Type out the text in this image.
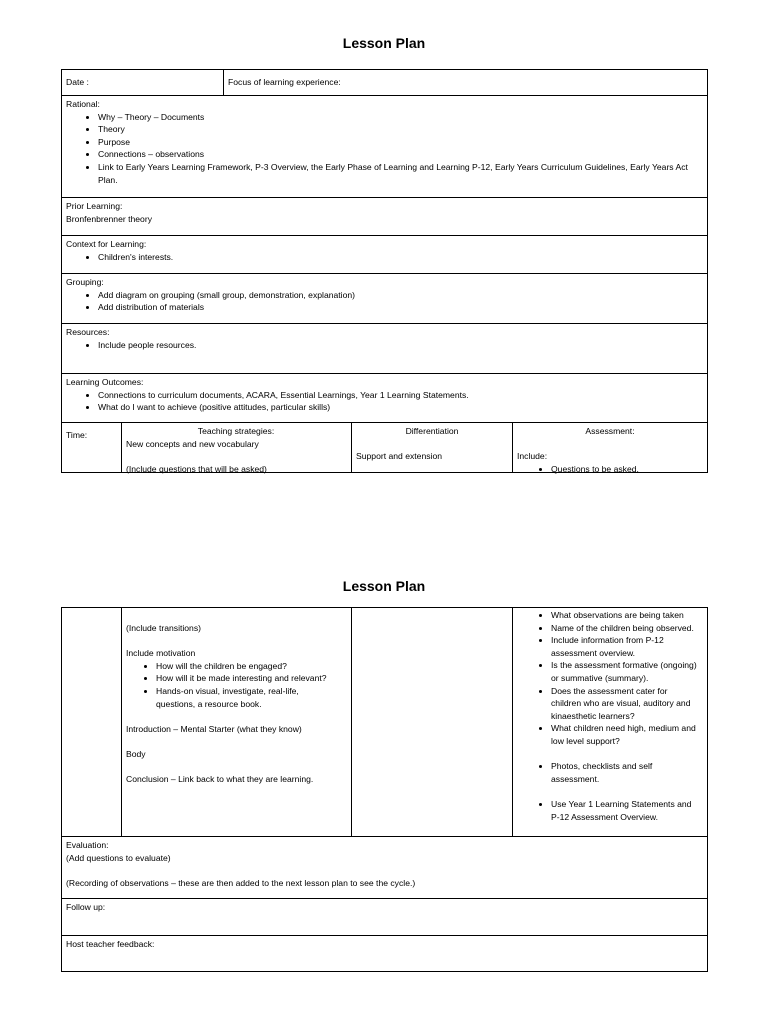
Lesson Plan
Date :	Focus of learning experience:
Rational:
• Why – Theory – Documents
• Theory
• Purpose
• Connections – observations
• Link to Early Years Learning Framework, P-3 Overview, the Early Phase of Learning and Learning P-12, Early Years Curriculum Guidelines, Early Years Act Plan.
Prior Learning:
Bronfenbrenner theory
Context for Learning:
• Children's interests.
Grouping:
• Add diagram on grouping (small group, demonstration, explanation)
• Add distribution of materials
Resources:
• Include people resources.
Learning Outcomes:
• Connections to curriculum documents, ACARA, Essential Learnings, Year 1 Learning Statements.
• What do I want to achieve (positive attitudes, particular skills)
Time:	Teaching strategies:
New concepts and new vocabulary
(Include questions that will be asked)
Differentiation
Support and extension
Assessment:
Include:
• Questions to be asked.
Lesson Plan
(Include transitions)
Include motivation
• How will the children be engaged?
• How will it be made interesting and relevant?
• Hands-on visual, investigate, real-life, questions, a resource book.
Introduction – Mental Starter (what they know)
Body
Conclusion – Link back to what they are learning.
• What observations are being taken
• Name of the children being observed.
• Include information from P-12 assessment overview.
• Is the assessment formative (ongoing) or summative (summary).
• Does the assessment cater for children who are visual, auditory and kinaesthetic learners?
• What children need high, medium and low level support?
• Photos, checklists and self assessment.
• Use Year 1 Learning Statements and P-12 Assessment Overview.
Evaluation:
(Add questions to evaluate)
(Recording of observations – these are then added to the next lesson plan to see the cycle.)
Follow up:
Host teacher feedback:
